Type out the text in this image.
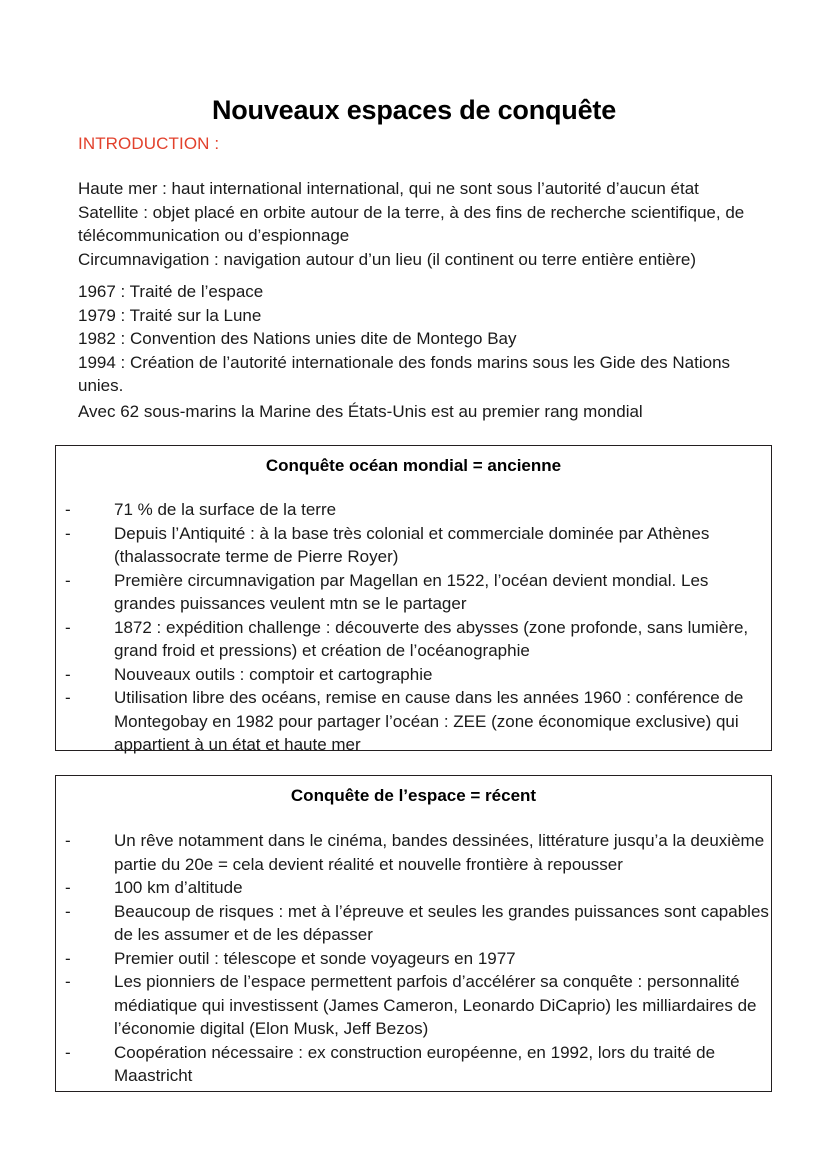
Nouveaux espaces de conquête
INTRODUCTION :

Haute mer : haut international international, qui ne sont sous l’autorité d’aucun état

Satellite : objet placé en orbite autour de la terre, à des fins de recherche scientifique, de télécommunication ou d’espionnage

Circumnavigation : navigation autour d’un lieu (il continent ou terre entière entière)

1967 : Traité de l’espace

1979 : Traité sur la Lune

1982 : Convention des Nations unies dite de Montego Bay

1994 : Création de l’autorité internationale des fonds marins sous les Gide des Nations unies.

Avec 62 sous-marins la Marine des États-Unis est au premier rang mondial

Conquête océan mondial = ancienne
-	71 % de la surface de la terre
-	Depuis l’Antiquité : à la base très colonial et commerciale dominée par Athènes (thalassocrate terme de Pierre Royer)
-	Première circumnavigation par Magellan en 1522, l’océan devient mondial. Les grandes puissances veulent mtn se le partager
-	1872 : expédition challenge : découverte des abysses (zone profonde, sans lumière, grand froid et pressions) et création de l’océanographie
-	Nouveaux outils : comptoir et cartographie
-	Utilisation libre des océans, remise en cause dans les années 1960 : conférence de Montegobay en 1982 pour partager l’océan : ZEE (zone économique exclusive) qui appartient à un état et haute mer
Conquête de l’espace = récent
-	Un rêve notamment dans le cinéma, bandes dessinées, littérature jusqu’a la deuxième partie du 20e = cela devient réalité et nouvelle frontière à repousser
-	100 km d’altitude
-	Beaucoup de risques : met à l’épreuve et seules les grandes puissances sont capables de les assumer et de les dépasser
-	Premier outil : télescope et sonde voyageurs en 1977
-	Les pionniers de l’espace permettent parfois d’accélérer sa conquête : personnalité médiatique qui investissent (James Cameron, Leonardo DiCaprio) les milliardaires de l’économie digital (Elon Musk, Jeff Bezos)
-	Coopération nécessaire : ex construction européenne, en 1992, lors du traité de Maastricht
